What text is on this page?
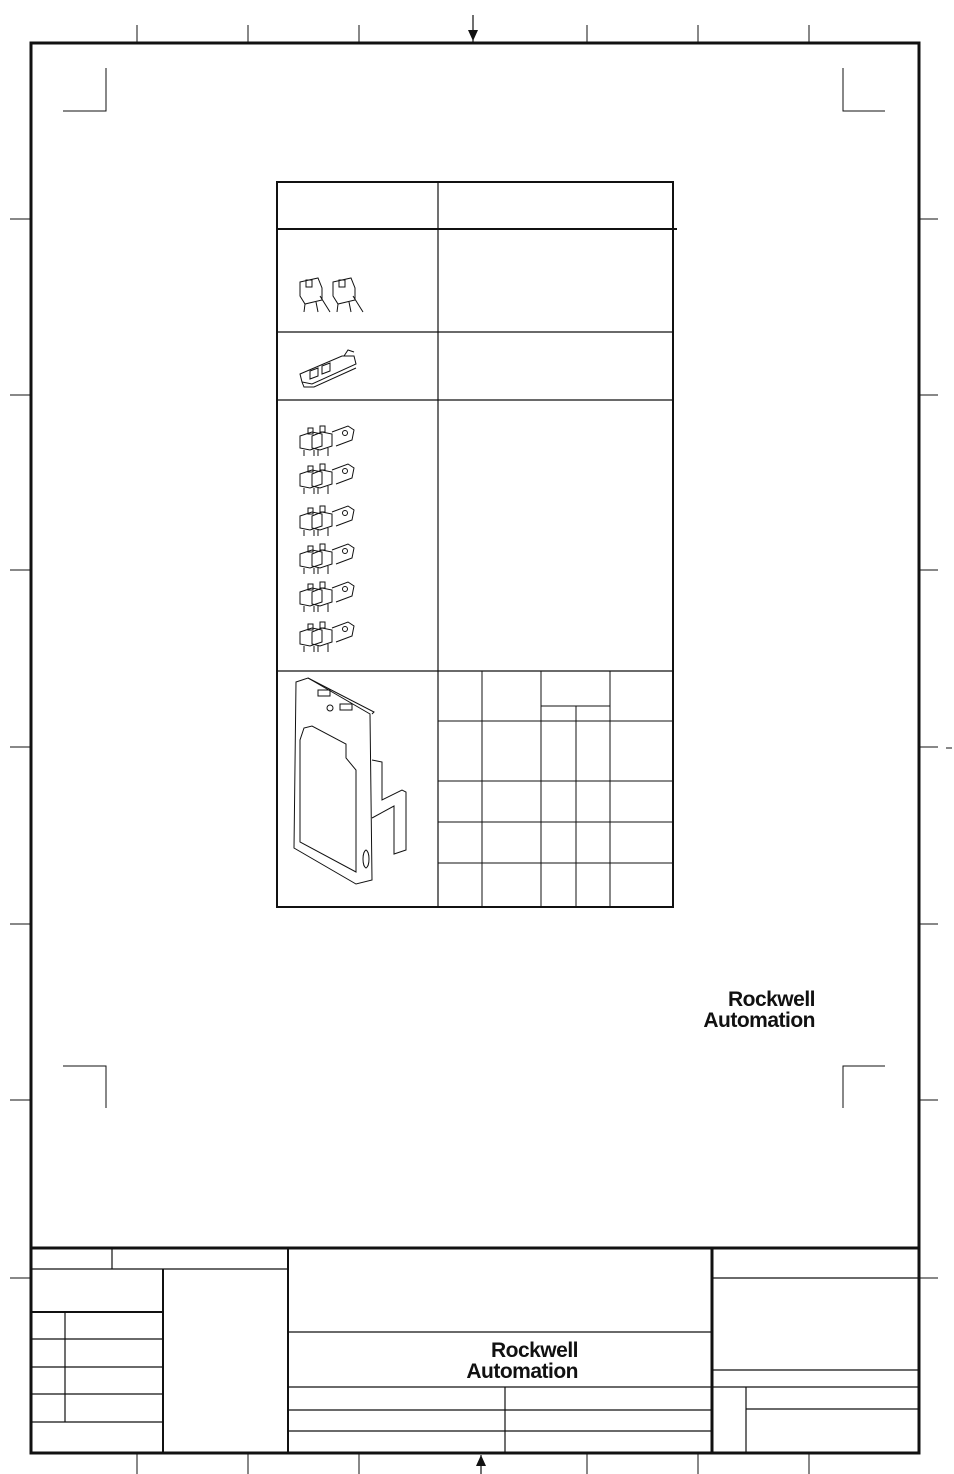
Rockwell
Automation
Rockwell
Automation
